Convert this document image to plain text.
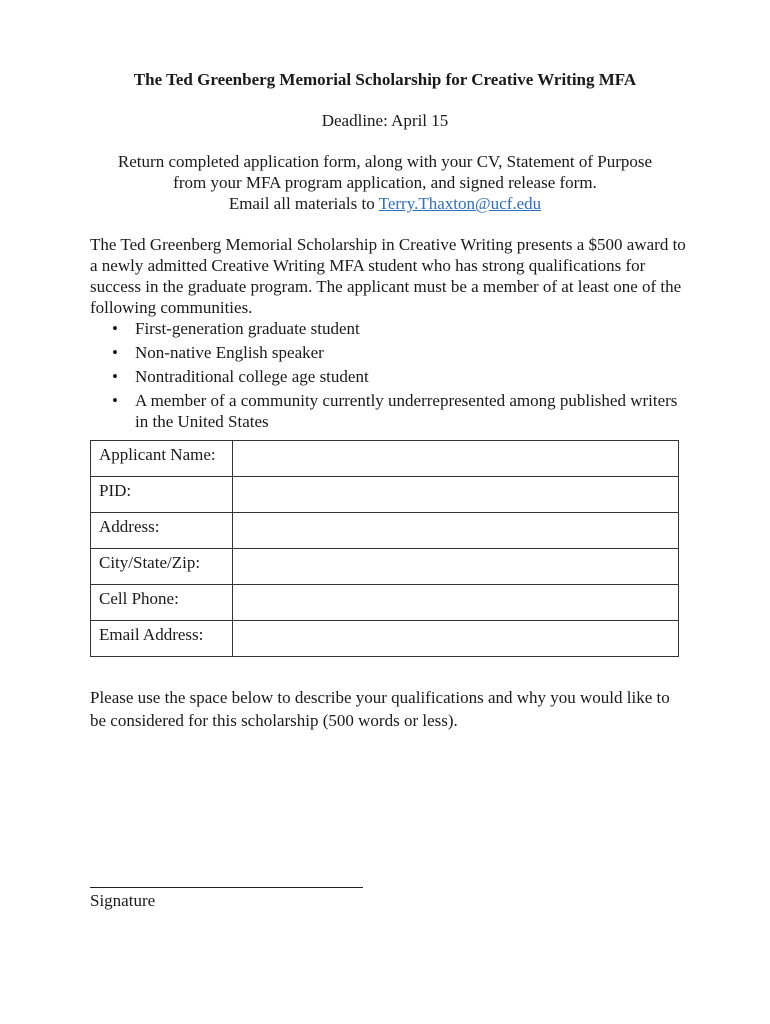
The Ted Greenberg Memorial Scholarship for Creative Writing MFA
Deadline: April 15
Return completed application form, along with your CV, Statement of Purpose
from your MFA program application, and signed release form.
Email all materials to Terry.Thaxton@ucf.edu
The Ted Greenberg Memorial Scholarship in Creative Writing presents a $500 award to a newly admitted Creative Writing MFA student who has strong qualifications for success in the graduate program. The applicant must be a member of at least one of the following communities.
• First-generation graduate student
• Non-native English speaker
• Nontraditional college age student
• A member of a community currently underrepresented among published writers in the United States
Applicant Name:	
PID:	
Address:	
City/State/Zip:	
Cell Phone:	
Email Address:	
Please use the space below to describe your qualifications and why you would like to be considered for this scholarship (500 words or less).
Signature
